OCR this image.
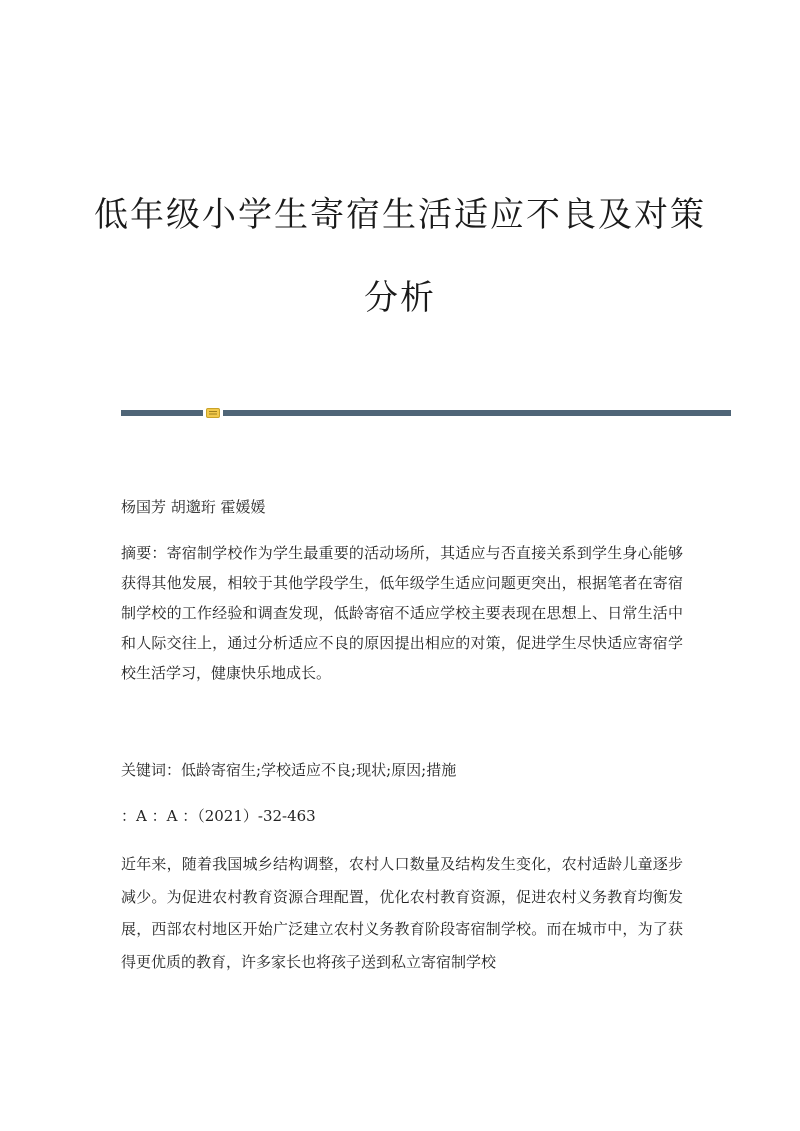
低年级小学生寄宿生活适应不良及对策
分析

杨国芳 胡邈珩 霍媛媛

摘要：寄宿制学校作为学生最重要的活动场所，其适应与否直接关系到学生身心能够获得其他发展，相较于其他学段学生，低年级学生适应问题更突出，根据笔者在寄宿制学校的工作经验和调查发现，低龄寄宿不适应学校主要表现在思想上、日常生活中和人际交往上，通过分析适应不良的原因提出相应的对策，促进学生尽快适应寄宿学校生活学习，健康快乐地成长。

关键词：低龄寄宿生;学校适应不良;现状;原因;措施

：A ：A ：（2021）-32-463

近年来，随着我国城乡结构调整，农村人口数量及结构发生变化，农村适龄儿童逐步减少。为促进农村教育资源合理配置，优化农村教育资源，促进农村义务教育均衡发展，西部农村地区开始广泛建立农村义务教育阶段寄宿制学校。而在城市中，为了获得更优质的教育，许多家长也将孩子送到私立寄宿制学校
